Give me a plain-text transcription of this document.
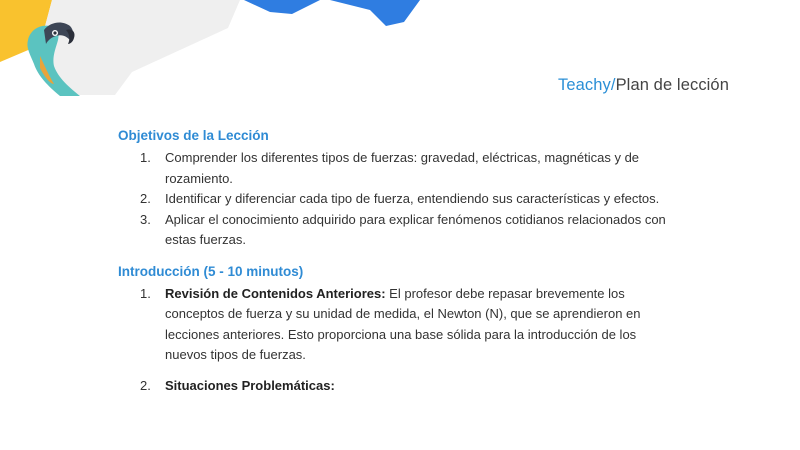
Teachy/Plan de lección
Objetivos de la Lección
1. Comprender los diferentes tipos de fuerzas: gravedad, eléctricas, magnéticas y de rozamiento.
2. Identificar y diferenciar cada tipo de fuerza, entendiendo sus características y efectos.
3. Aplicar el conocimiento adquirido para explicar fenómenos cotidianos relacionados con estas fuerzas.
Introducción (5 - 10 minutos)
1. Revisión de Contenidos Anteriores: El profesor debe repasar brevemente los conceptos de fuerza y su unidad de medida, el Newton (N), que se aprendieron en lecciones anteriores. Esto proporciona una base sólida para la introducción de los nuevos tipos de fuerzas.
2. Situaciones Problemáticas:
